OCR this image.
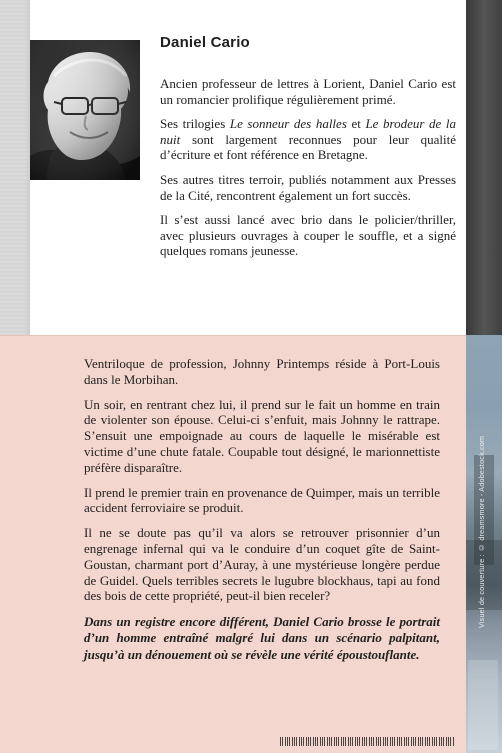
Daniel Cario

Ancien professeur de lettres à Lorient, Daniel Cario est un romancier prolifique régulièrement primé.

Ses trilogies Le sonneur des halles et Le brodeur de la nuit sont largement reconnues pour leur qualité d’écriture et font référence en Bretagne.

Ses autres titres terroir, publiés notamment aux Presses de la Cité, rencontrent également un fort succès.

Il s’est aussi lancé avec brio dans le policier/thriller, avec plusieurs ouvrages à couper le souffle, et a signé quelques romans jeunesse.

Ventriloque de profession, Johnny Printemps réside à Port-Louis dans le Morbihan.

Un soir, en rentrant chez lui, il prend sur le fait un homme en train de violenter son épouse. Celui-ci s’enfuit, mais Johnny le rattrape. S’ensuit une empoignade au cours de laquelle le misérable est victime d’une chute fatale. Coupable tout désigné, le marionnettiste préfère disparaître.

Il prend le premier train en provenance de Quimper, mais un terrible accident ferroviaire se produit.

Il ne se doute pas qu’il va alors se retrouver prisonnier d’un engrenage infernal qui va le conduire d’un coquet gîte de Saint-Goustan, charmant port d’Auray, à une mystérieuse longère perdue de Guidel. Quels terribles secrets le lugubre blockhaus, tapi au fond des bois de cette propriété, peut-il bien receler?

Dans un registre encore différent, Daniel Cario brosse le portrait d’un homme entraîné malgré lui dans un scénario palpitant, jusqu’à un dénouement où se révèle une vérité époustouflante.

Visuel de couverture : © dreamsmore - Adobestock.com
